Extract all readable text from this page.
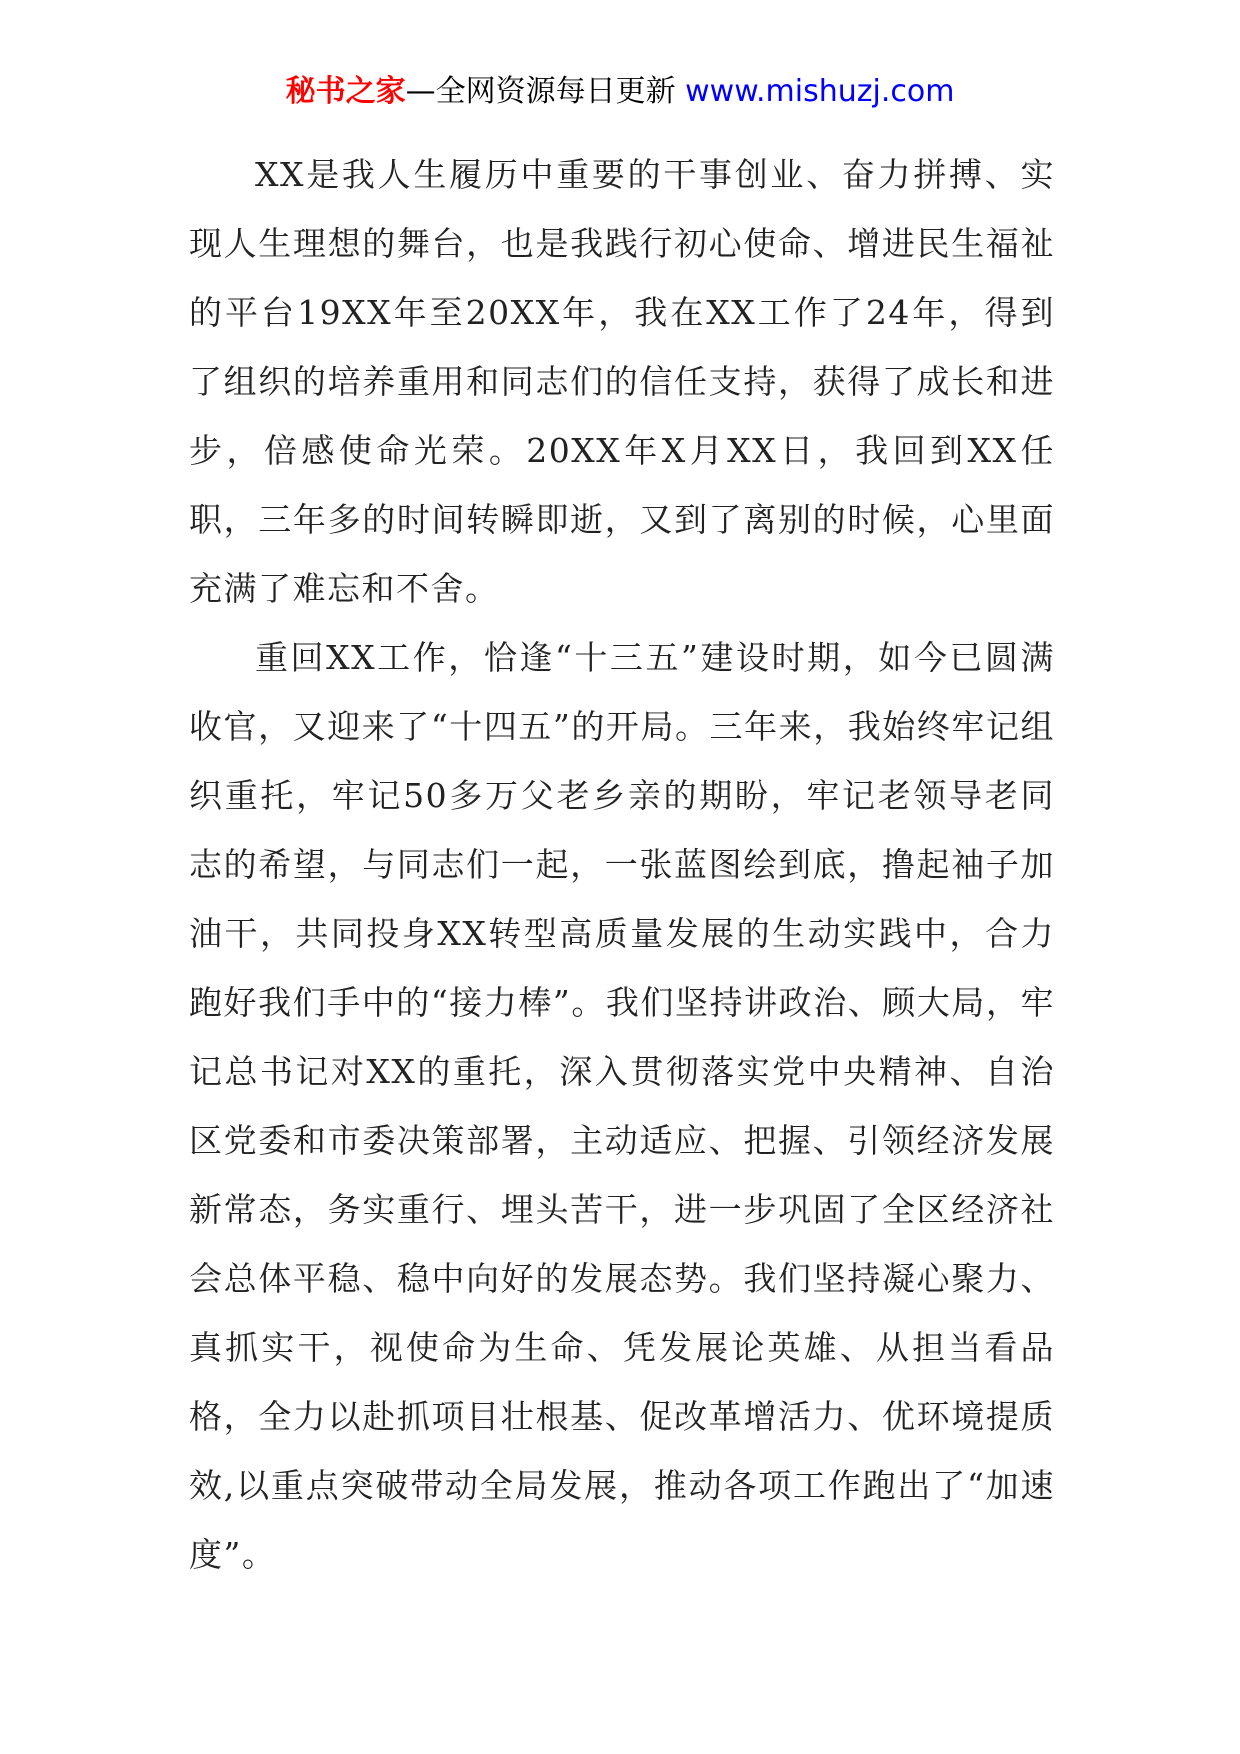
秘书之家—全网资源每日更新 www.mishuzj.com

XX是我人生履历中重要的干事创业、奋力拼搏、实现人生理想的舞台，也是我践行初心使命、增进民生福祉的平台19XX年至20XX年，我在XX工作了24年，得到了组织的培养重用和同志们的信任支持，获得了成长和进步，倍感使命光荣。20XX年X月XX日，我回到XX任职，三年多的时间转瞬即逝，又到了离别的时候，心里面充满了难忘和不舍。

重回XX工作，恰逢“十三五”建设时期，如今已圆满收官，又迎来了“十四五”的开局。三年来，我始终牢记组织重托，牢记50多万父老乡亲的期盼，牢记老领导老同志的希望，与同志们一起，一张蓝图绘到底，撸起袖子加油干，共同投身XX转型高质量发展的生动实践中，合力跑好我们手中的“接力棒”。我们坚持讲政治、顾大局，牢记总书记对XX的重托，深入贯彻落实党中央精神、自治区党委和市委决策部署，主动适应、把握、引领经济发展新常态，务实重行、埋头苦干，进一步巩固了全区经济社会总体平稳、稳中向好的发展态势。我们坚持凝心聚力、真抓实干，视使命为生命、凭发展论英雄、从担当看品格，全力以赴抓项目壮根基、促改革增活力、优环境提质效,以重点突破带动全局发展，推动各项工作跑出了“加速度”。
